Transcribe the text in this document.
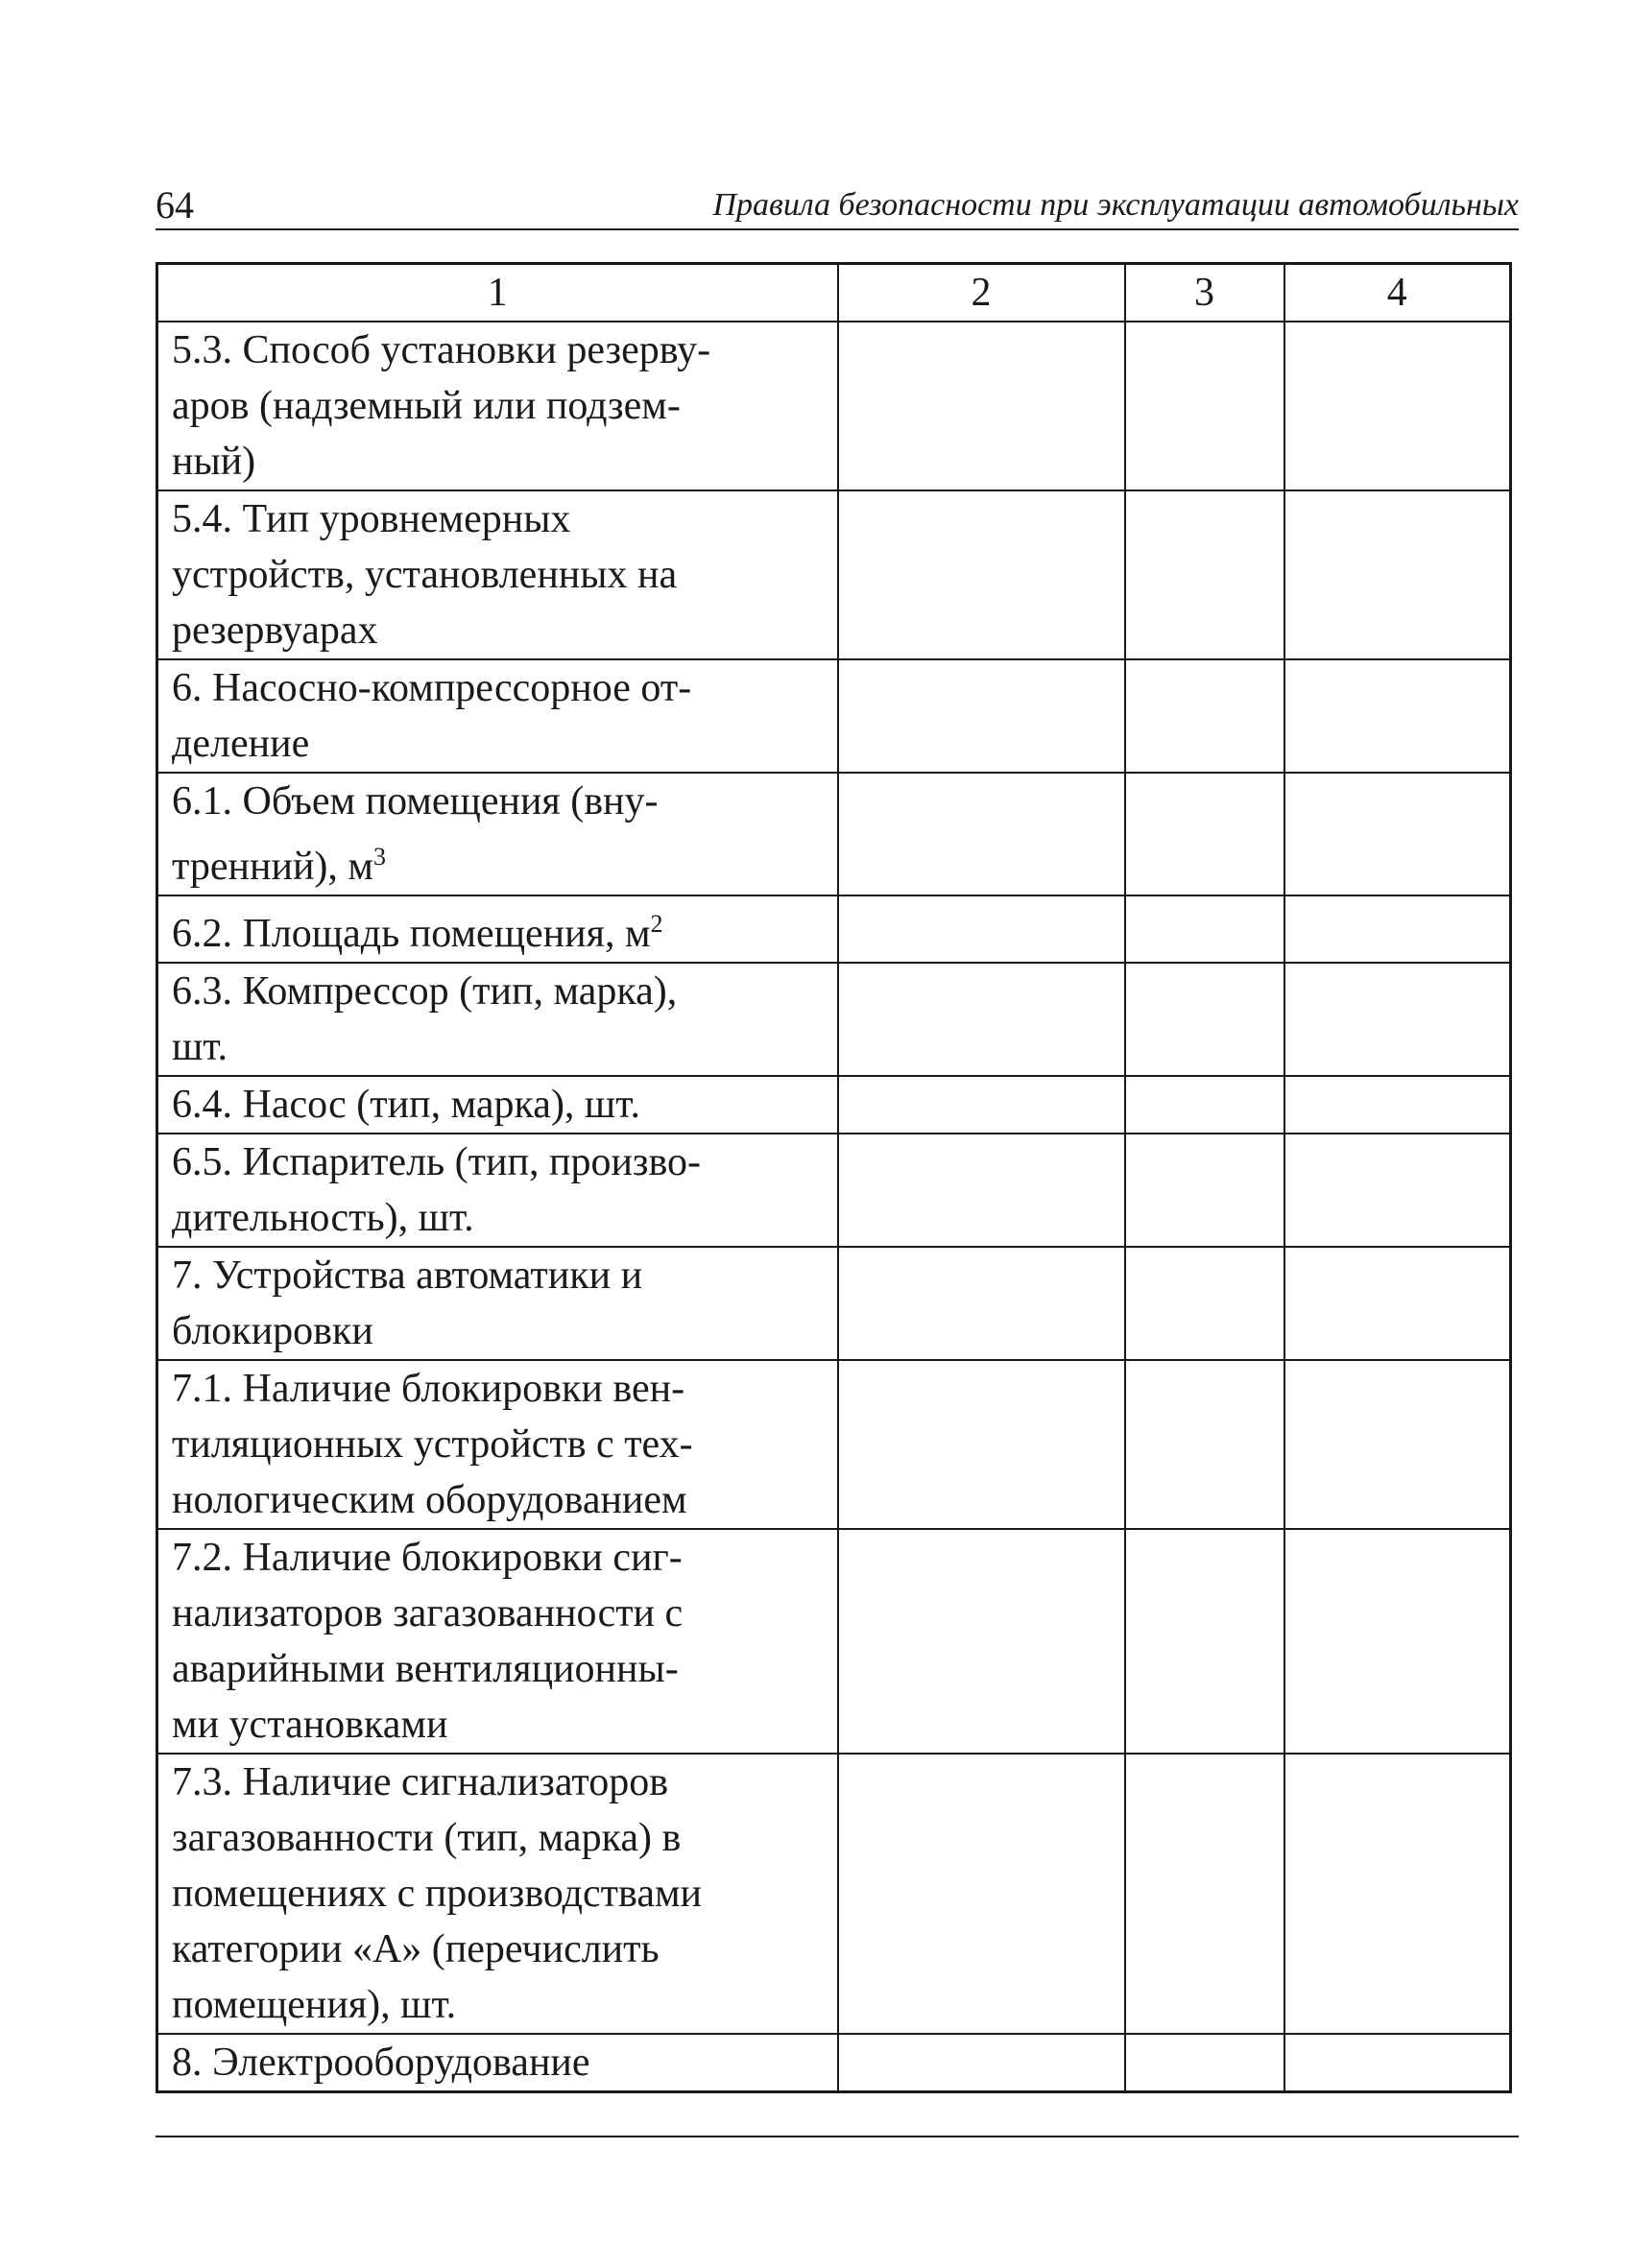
64	Правила безопасности при эксплуатации автомобильных
1	2	3	4

5.3. Способ установки резерву-
аров (надземный или подзем-
ный)			

5.4. Тип уровнемерных
устройств, установленных на
резервуарах			

6. Насосно-компрессорное от-
деление			

6.1. Объем помещения (вну-
тренний), $м^3$

6.2. Площадь помещения, $м^2$

6.3. Компрессор (тип, марка),
шт.			

6.4. Насос (тип, марка), шт.			

6.5. Испаритель (тип, произво-
дительность), шт.			

7. Устройства автоматики и
блокировки			

7.1. Наличие блокировки вен-
тиляционных устройств с тех-
нологическим оборудованием			

7.2. Наличие блокировки сиг-
нализаторов загазованности с
аварийными вентиляционны-
ми установками			

7.3. Наличие сигнализаторов
загазованности (тип, марка) в
помещениях с производствами
категории «А» (перечислить
помещения), шт.			

8. Электрооборудование			
